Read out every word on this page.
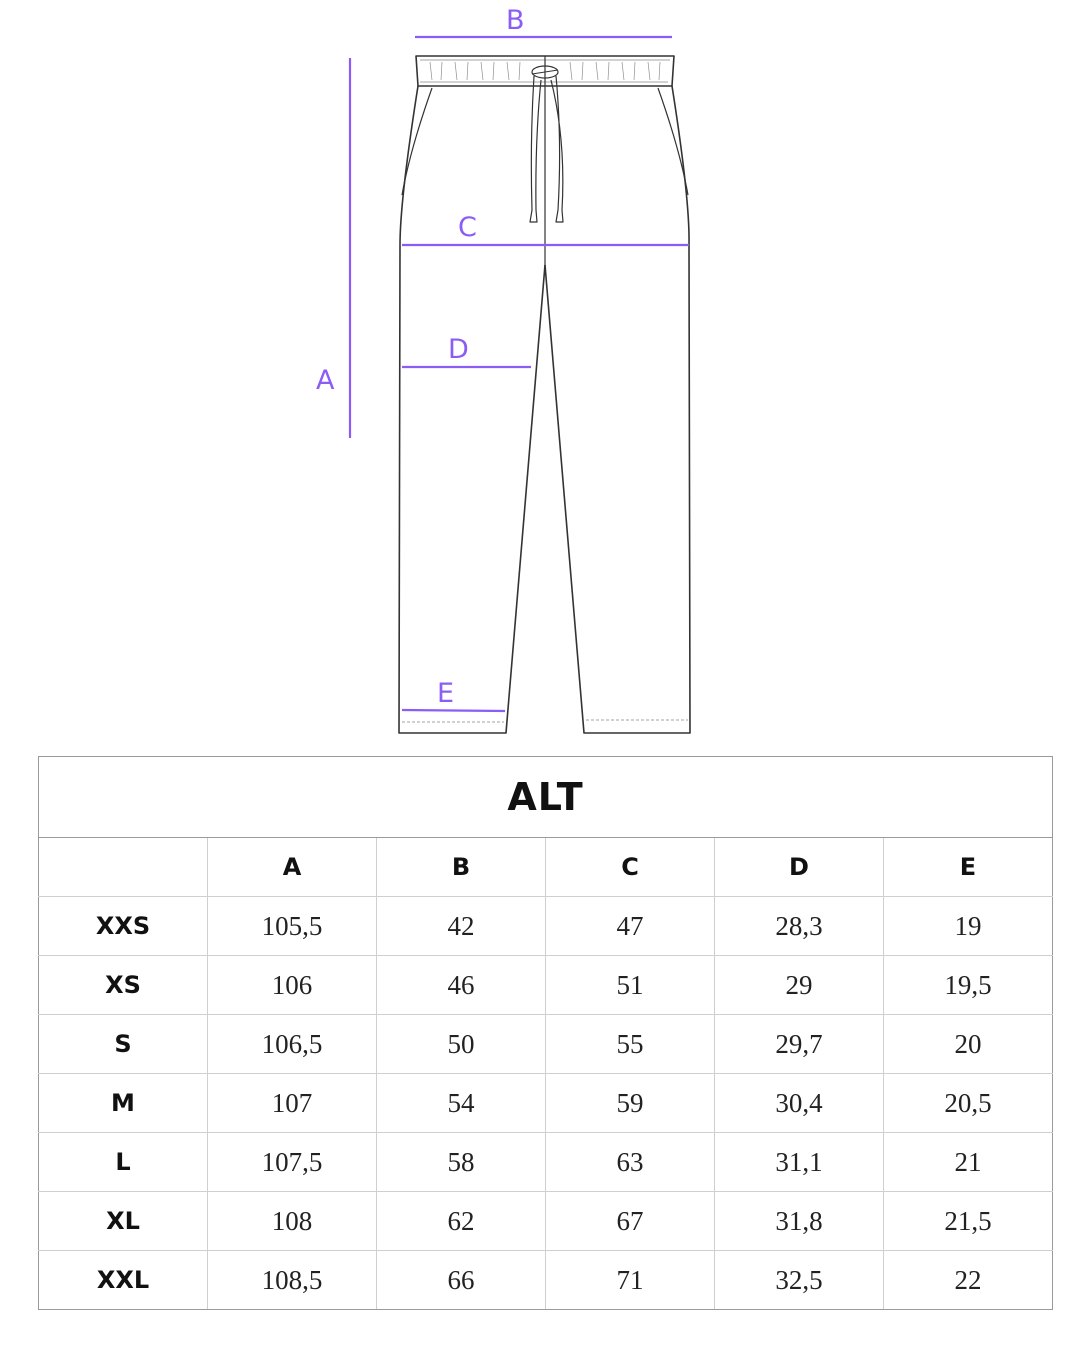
A
B
C
D
E
ALT					
	A	B	C	D	E
XXS	105,5	42	47	28,3	19
XS	106	46	51	29	19,5
S	106,5	50	55	29,7	20
M	107	54	59	30,4	20,5
L	107,5	58	63	31,1	21
XL	108	62	67	31,8	21,5
XXL	108,5	66	71	32,5	22
